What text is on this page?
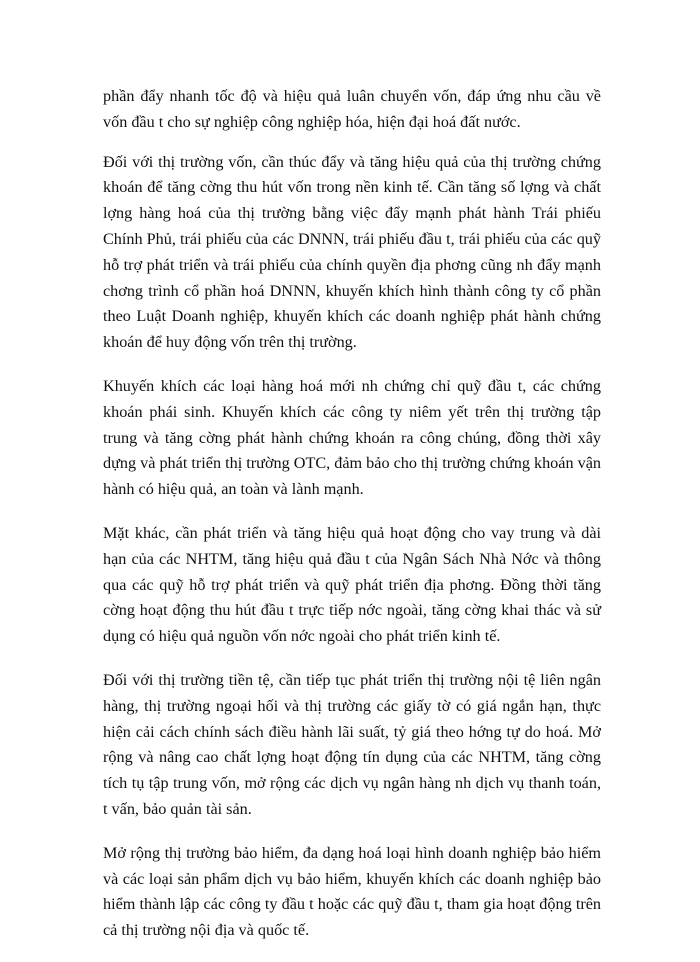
phần đẩy nhanh tốc độ và hiệu quả luân chuyển vốn, đáp ứng nhu cầu về vốn đầu t cho sự nghiệp công nghiệp hóa, hiện đại hoá đất nước.

Đối với thị trường vốn, cần thúc đẩy và tăng hiệu quả của thị trường chứng khoán để tăng cờng thu hút vốn trong nền kinh tế. Cần tăng số lợng và chất lợng hàng hoá của thị trường bằng việc đẩy mạnh phát hành Trái phiếu Chính Phủ, trái phiếu của các DNNN, trái phiếu đầu t, trái phiếu của các quỹ hỗ trợ phát triển và trái phiếu của chính quyền địa phơng cũng nh đẩy mạnh chơng trình cổ phần hoá DNNN, khuyến khích hình thành công ty cổ phần theo Luật Doanh nghiệp, khuyến khích các doanh nghiệp phát hành chứng khoán để huy động vốn trên thị trường.

Khuyến khích các loại hàng hoá mới nh chứng chỉ quỹ đầu t, các chứng khoán phái sinh. Khuyến khích các công ty niêm yết trên thị trường tập trung và tăng cờng phát hành chứng khoán ra công chúng, đồng thời xây dựng và phát triển thị trường OTC, đảm bảo cho thị trường chứng khoán vận hành có hiệu quả, an toàn và lành mạnh.

Mặt khác, cần phát triển và tăng hiệu quả hoạt động cho vay trung và dài hạn của các NHTM, tăng hiệu quả đầu t của Ngân Sách Nhà Nớc và thông qua các quỹ hỗ trợ phát triển và quỹ phát triển địa phơng. Đồng thời tăng cờng hoạt động thu hút đầu t trực tiếp nớc ngoài, tăng cờng khai thác và sử dụng có hiệu quả nguồn vốn nớc ngoài cho phát triển kinh tế.

Đối với thị trường tiền tệ, cần tiếp tục phát triển thị trường nội tệ liên ngân hàng, thị trường ngoại hối và thị trường các giấy tờ có giá ngắn hạn, thực hiện cải cách chính sách điều hành lãi suất, tỷ giá theo hớng tự do hoá. Mở rộng và nâng cao chất lợng hoạt động tín dụng của các NHTM, tăng cờng tích tụ tập trung vốn, mở rộng các dịch vụ ngân hàng nh dịch vụ thanh toán, t vấn, bảo quản tài sản.

Mở rộng thị trường bảo hiểm, đa dạng hoá loại hình doanh nghiệp bảo hiểm và các loại sản phẩm dịch vụ bảo hiểm, khuyến khích các doanh nghiệp bảo hiểm thành lập các công ty đầu t hoặc các quỹ đầu t, tham gia hoạt động trên cả thị trường nội địa và quốc tế.
